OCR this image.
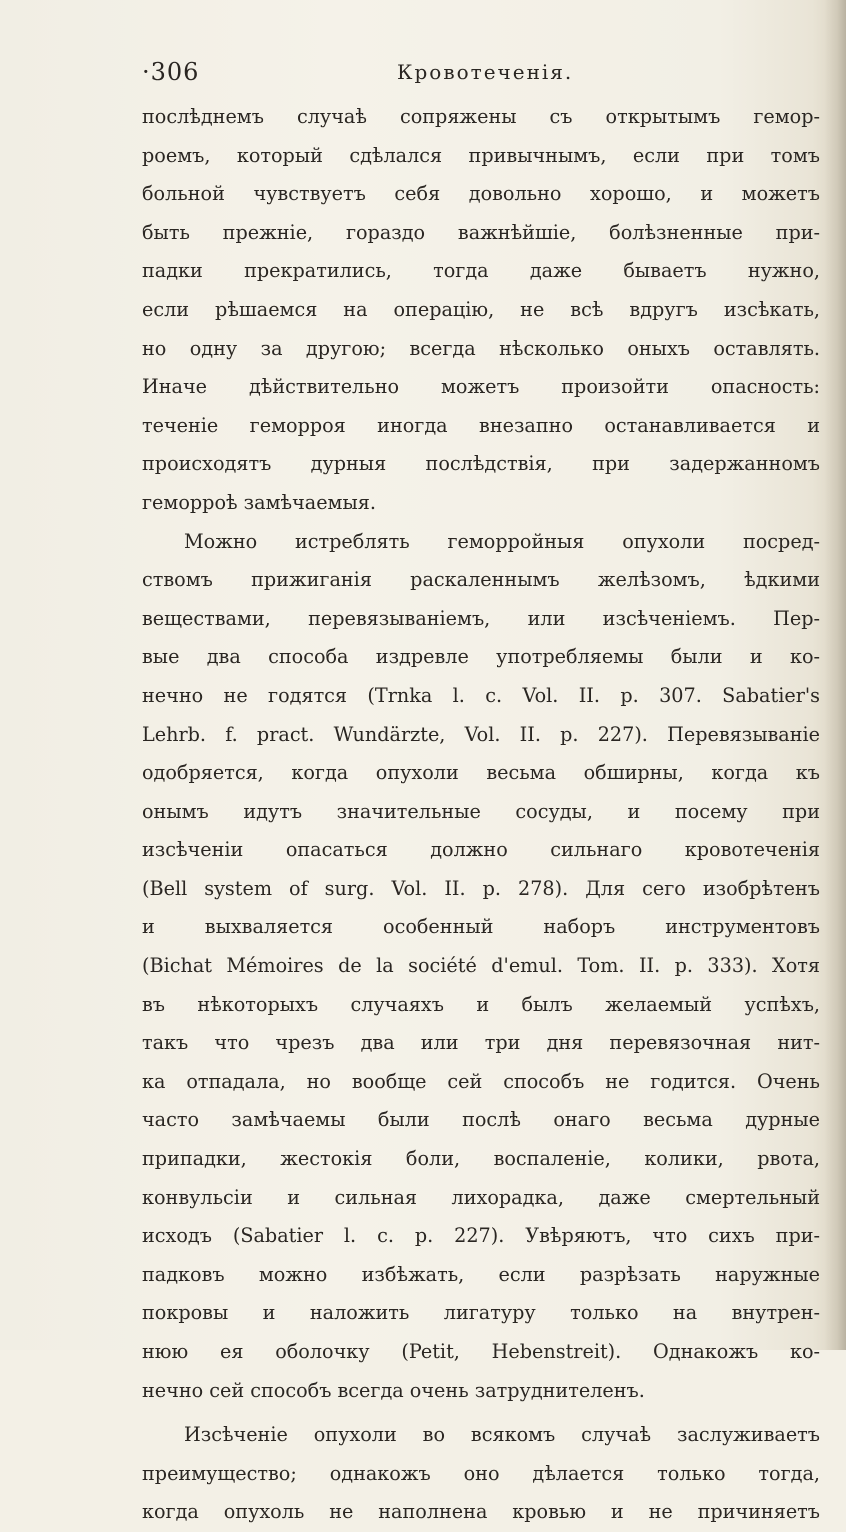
·306	Кровотеченія.
послѣднемъ случаѣ сопряжены съ открытымъ гемор-
роемъ, который сдѣлался привычнымъ, если при томъ
больной чувствуетъ себя довольно хорошо, и можетъ
быть прежніе, гораздо важнѣйшіе, болѣзненные при-
падки прекратились, тогда даже бываетъ нужно,
если рѣшаемся на операцію, не всѣ вдругъ изсѣкать,
но одну за другою; всегда нѣсколько оныхъ оставлять.
Иначе дѣйствительно можетъ произойти опасность:
теченіе геморроя иногда внезапно останавливается и
происходятъ дурныя послѣдствія, при задержанномъ
геморроѣ замѣчаемыя.
Можно истреблять геморройныя опухоли посред-
ствомъ прижиганія раскаленнымъ желѣзомъ, ѣдкими
веществами, перевязываніемъ, или изсѣченіемъ. Пер-
вые два способа издревле употребляемы были и ко-
нечно не годятся (Trnka l. c. Vol. II. p. 307. Sabatier's
Lehrb. f. pract. Wundärzte, Vol. II. p. 227). Перевязываніе
одобряется, когда опухоли весьма обширны, когда къ
онымъ идутъ значительные сосуды, и посему при
изсѣченіи опасаться должно сильнаго кровотеченія
(Bell system of surg. Vol. II. p. 278). Для сего изобрѣтенъ
и выхваляется особенный наборъ инструментовъ
(Bichat Mémoires de la société d'emul. Tom. II. p. 333). Хотя
въ нѣкоторыхъ случаяхъ и былъ желаемый успѣхъ,
такъ что чрезъ два или три дня перевязочная нит-
ка отпадала, но вообще сей способъ не годится. Очень
часто замѣчаемы были послѣ онаго весьма дурные
припадки, жестокія боли, воспаленіе, колики, рвота,
конвульсіи и сильная лихорадка, даже смертельный
исходъ (Sabatier l. c. p. 227). Увѣряютъ, что сихъ при-
падковъ можно избѣжать, если разрѣзать наружные
покровы и наложить лигатуру только на внутрен-
нюю ея оболочку (Petit, Hebenstreit). Однакожъ ко-
нечно сей способъ всегда очень затруднителенъ.
Изсѣченіе опухоли во всякомъ случаѣ заслуживаетъ
преимущество; однакожъ оно дѣлается только тогда,
когда опухоль не наполнена кровью и не причиняетъ
